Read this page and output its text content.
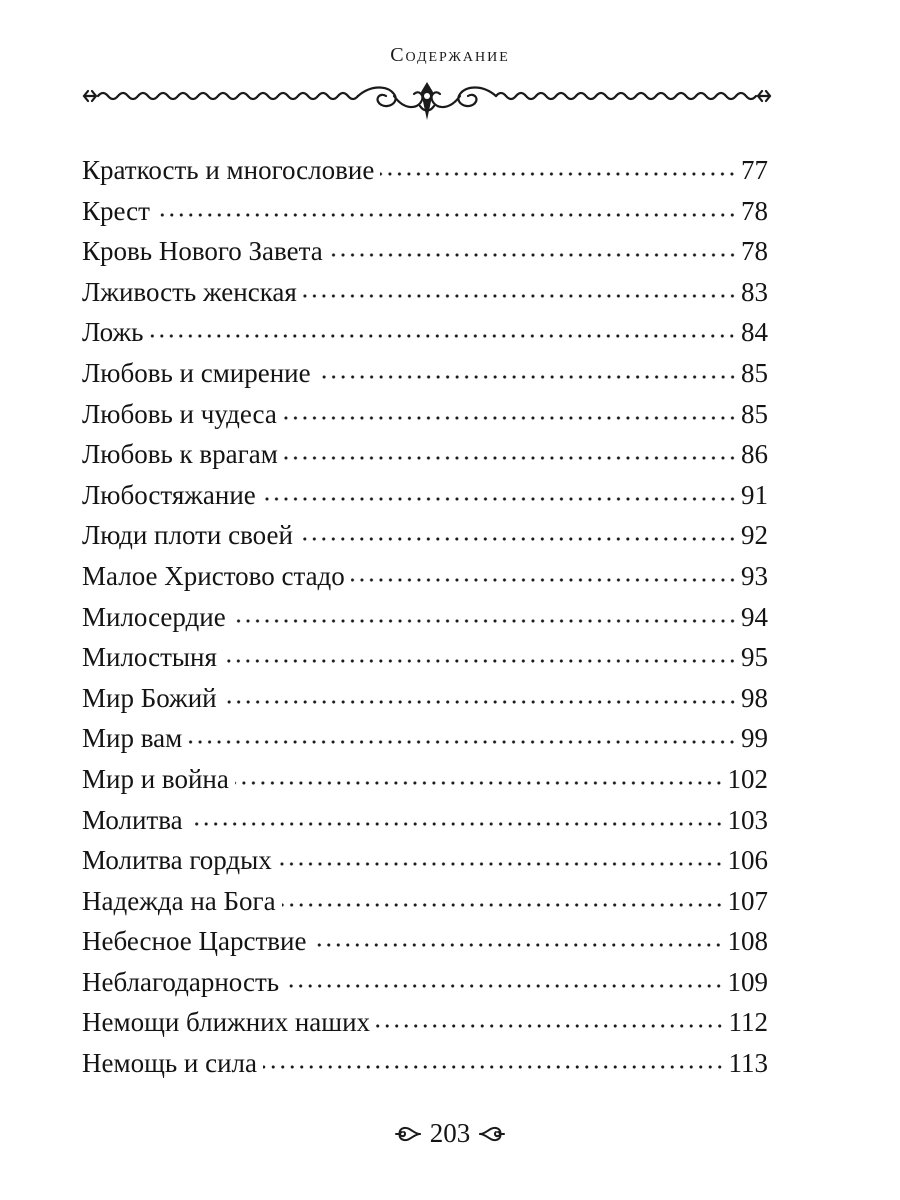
Содержание
Краткость и многословие	77
Крест	78
Кровь Нового Завета	78
Лживость женская	83
Ложь	84
Любовь и смирение	85
Любовь и чудеса	85
Любовь к врагам	86
Любостяжание	91
Люди плоти своей	92
Малое Христово стадо	93
Милосердие	94
Милостыня	95
Мир Божий	98
Мир вам	99
Мир и война	102
Молитва	103
Молитва гордых	106
Надежда на Бога	107
Небесное Царствие	108
Неблагодарность	109
Немощи ближних наших	112
Немощь и сила	113
203
